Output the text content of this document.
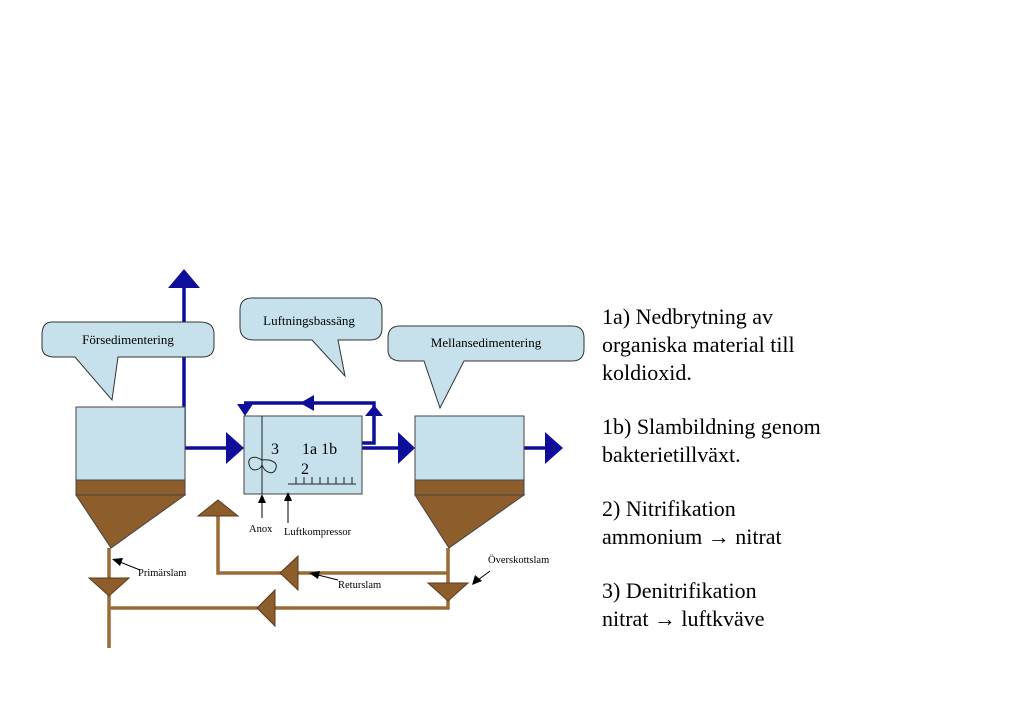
3 1a 1b
2
Försedimentering
Luftningsbassäng
Mellansedimentering
Anox Luftkompressor
Primärslam
Returslam
Överskottslam
1a) Nedbrytning av
organiska material till
koldioxid.
1b) Slambildning genom
bakterietillväxt.
2) Nitrifikation
ammonium → nitrat
3) Denitrifikation
nitrat → luftkväve
